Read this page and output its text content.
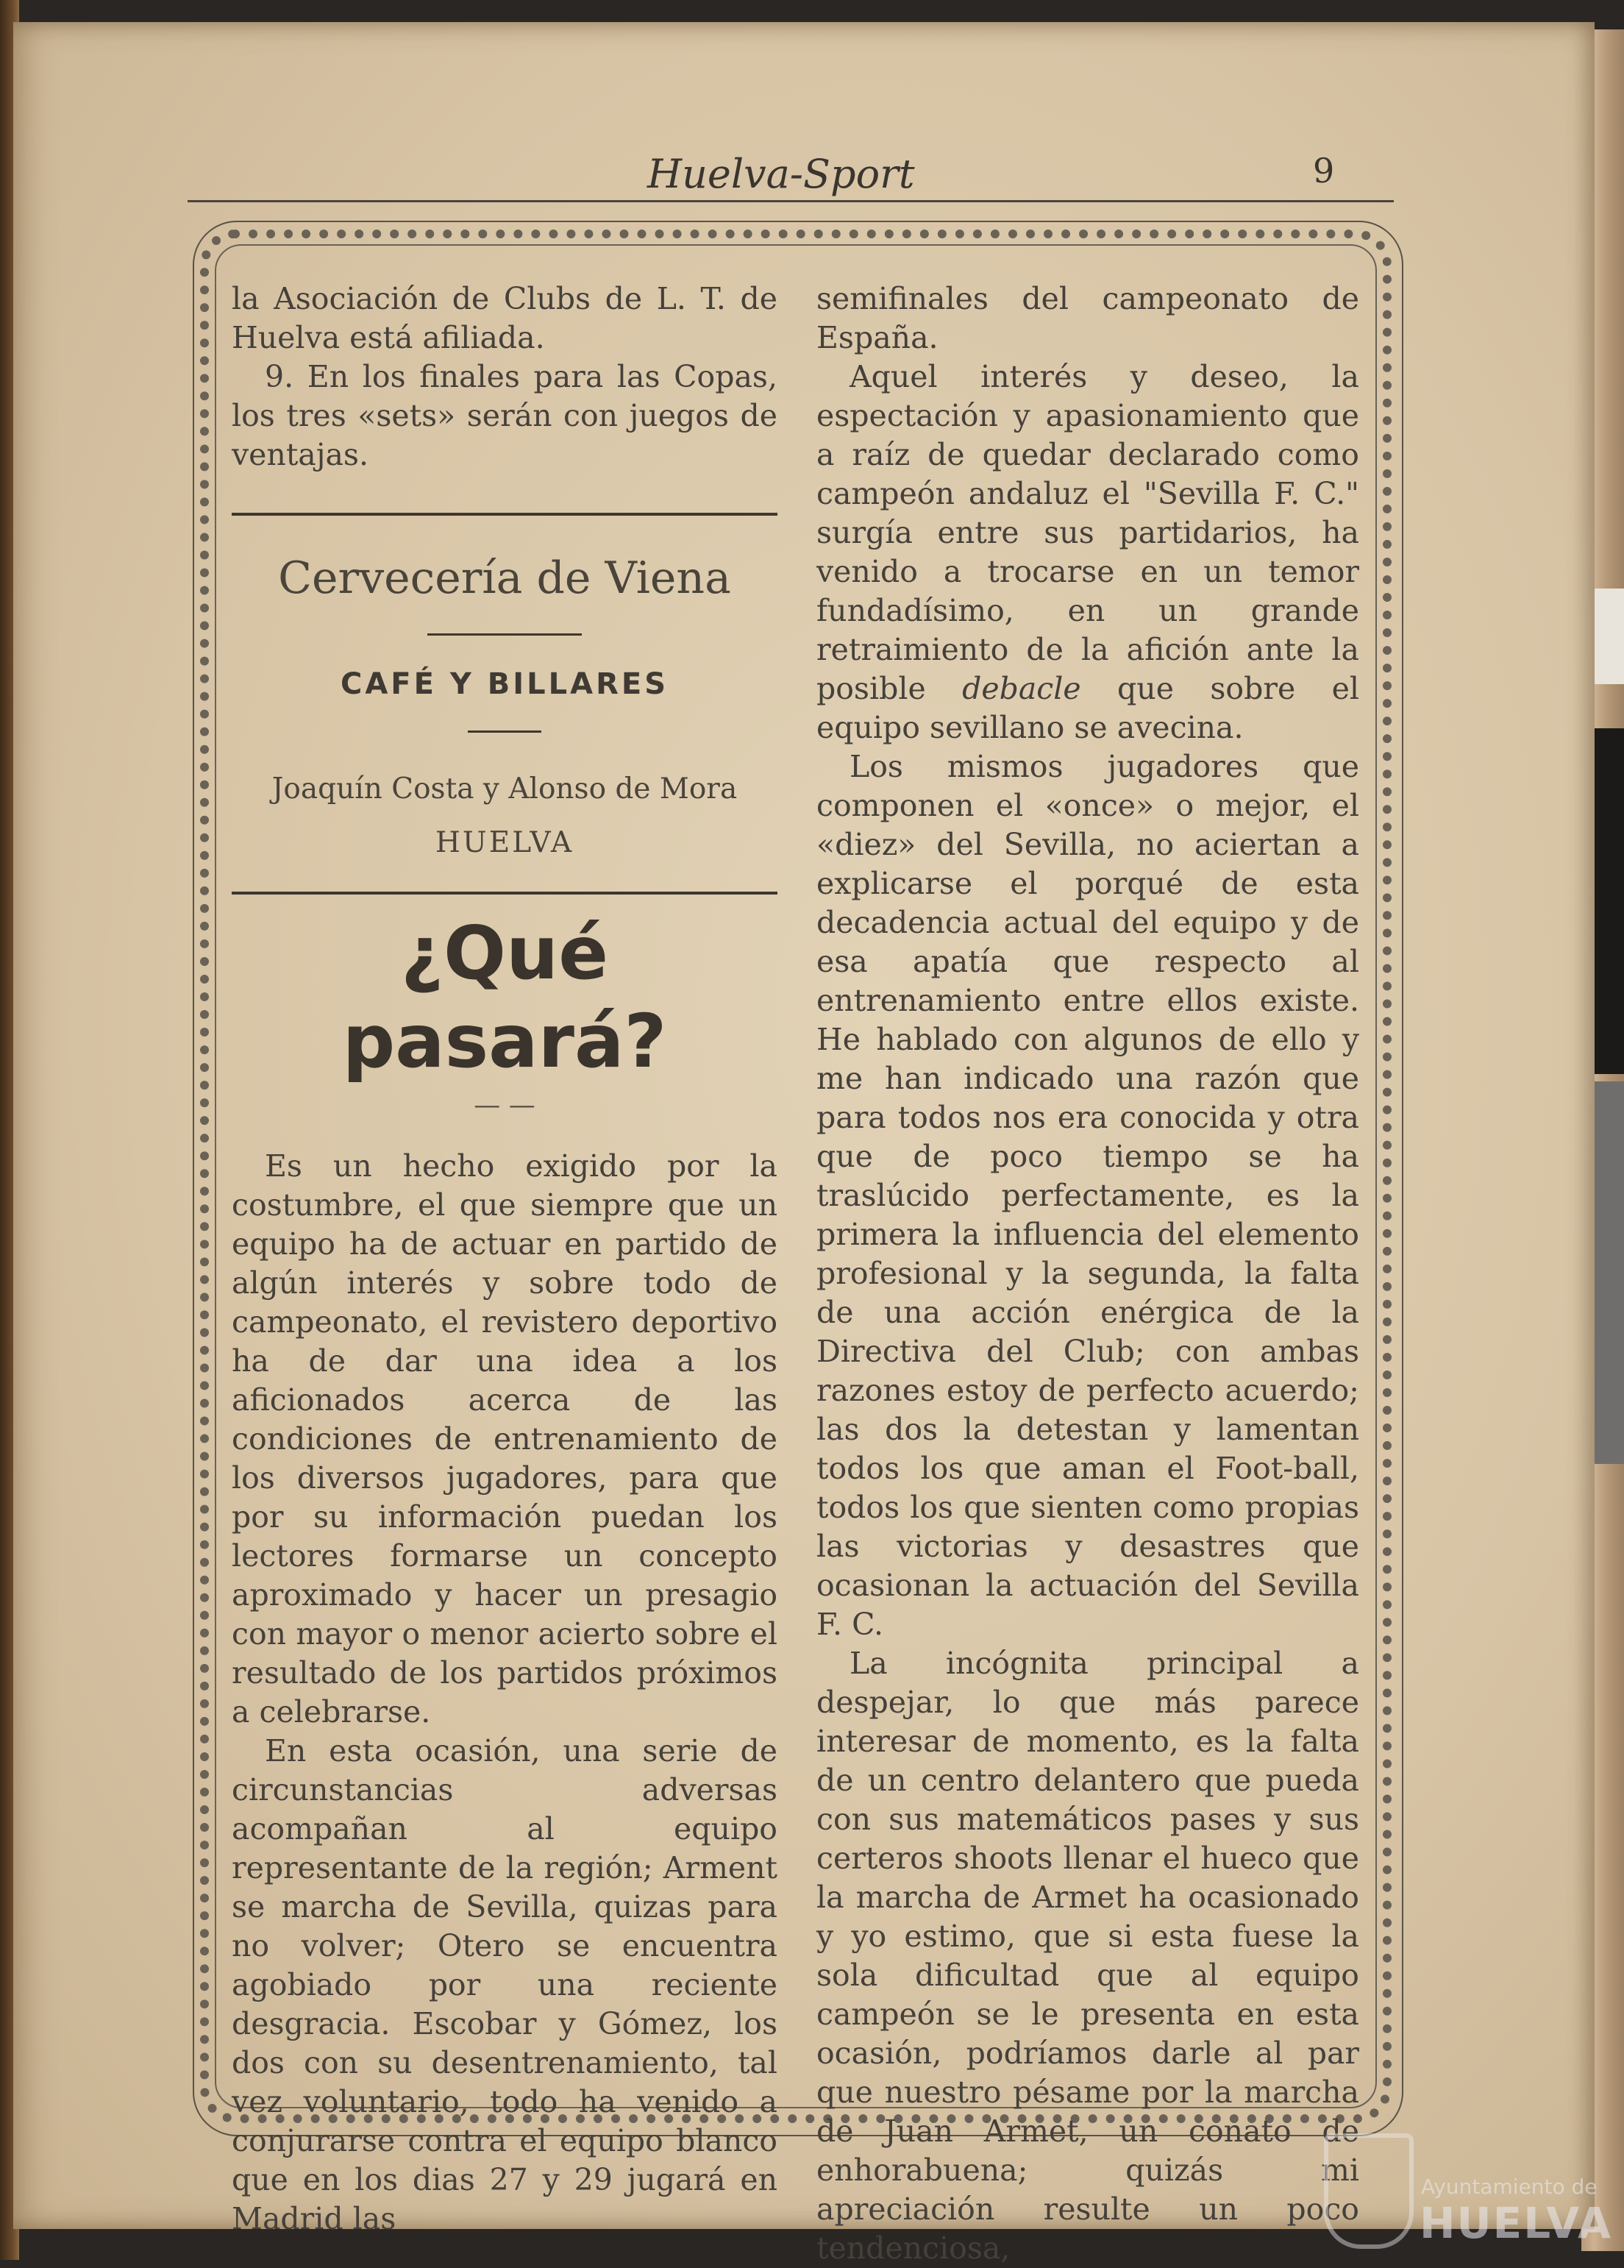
Huelva-Sport	9

la Asociación de Clubs de L. T. de Huelva está afiliada.

9. En los finales para las Copas, los tres «sets» serán con juegos de ventajas.

Cervecería de Viena
CAFÉ Y BILLARES
Joaquín Costa y Alonso de Mora
HUELVA
¿Qué pasará?
— —

Es un hecho exigido por la costumbre, el que siempre que un equipo ha de actuar en partido de algún interés y sobre todo de campeonato, el revistero deportivo ha de dar una idea a los aficionados acerca de las condiciones de entrenamiento de los diversos jugadores, para que por su información puedan los lectores formarse un concepto aproximado y hacer un presagio con mayor o menor acierto sobre el resultado de los partidos próximos a celebrarse.

En esta ocasión, una serie de circunstancias adversas acompañan al equipo representante de la región; Arment se marcha de Sevilla, quizas para no volver; Otero se encuentra agobiado por una reciente desgracia. Escobar y Gómez, los dos con su desentrenamiento, tal vez voluntario, todo ha venido a conjurarse contra el equipo blanco que en los dias 27 y 29 jugará en Madrid las

semifinales del campeonato de España.

Aquel interés y deseo, la espectación y apasionamiento que a raíz de quedar declarado como campeón andaluz el "Sevilla F. C." surgía entre sus partidarios, ha venido a trocarse en un temor fundadísimo, en un grande retraimiento de la afición ante la posible debacle que sobre el equipo sevillano se avecina.

Los mismos jugadores que componen el «once» o mejor, el «diez» del Sevilla, no aciertan a explicarse el porqué de esta decadencia actual del equipo y de esa apatía que respecto al entrenamiento entre ellos existe. He hablado con algunos de ello y me han indicado una razón que para todos nos era conocida y otra que de poco tiempo se ha traslúcido perfectamente, es la primera la influencia del elemento profesional y la segunda, la falta de una acción enérgica de la Directiva del Club; con ambas razones estoy de perfecto acuerdo; las dos la detestan y lamentan todos los que aman el Foot-ball, todos los que sienten como propias las victorias y desastres que ocasionan la actuación del Sevilla F. C.

La incógnita principal a despejar, lo que más parece interesar de momento, es la falta de un centro delantero que pueda con sus matemáticos pases y sus certeros shoots llenar el hueco que la marcha de Armet ha ocasionado y yo estimo, que si esta fuese la sola dificultad que al equipo campeón se le presenta en esta ocasión, podríamos darle al par que nuestro pésame por la marcha de Juan Armet, un conato de enhorabuena; quizás mi apreciación resulte un poco tendenciosa,

Ayuntamiento de
HUELVA
